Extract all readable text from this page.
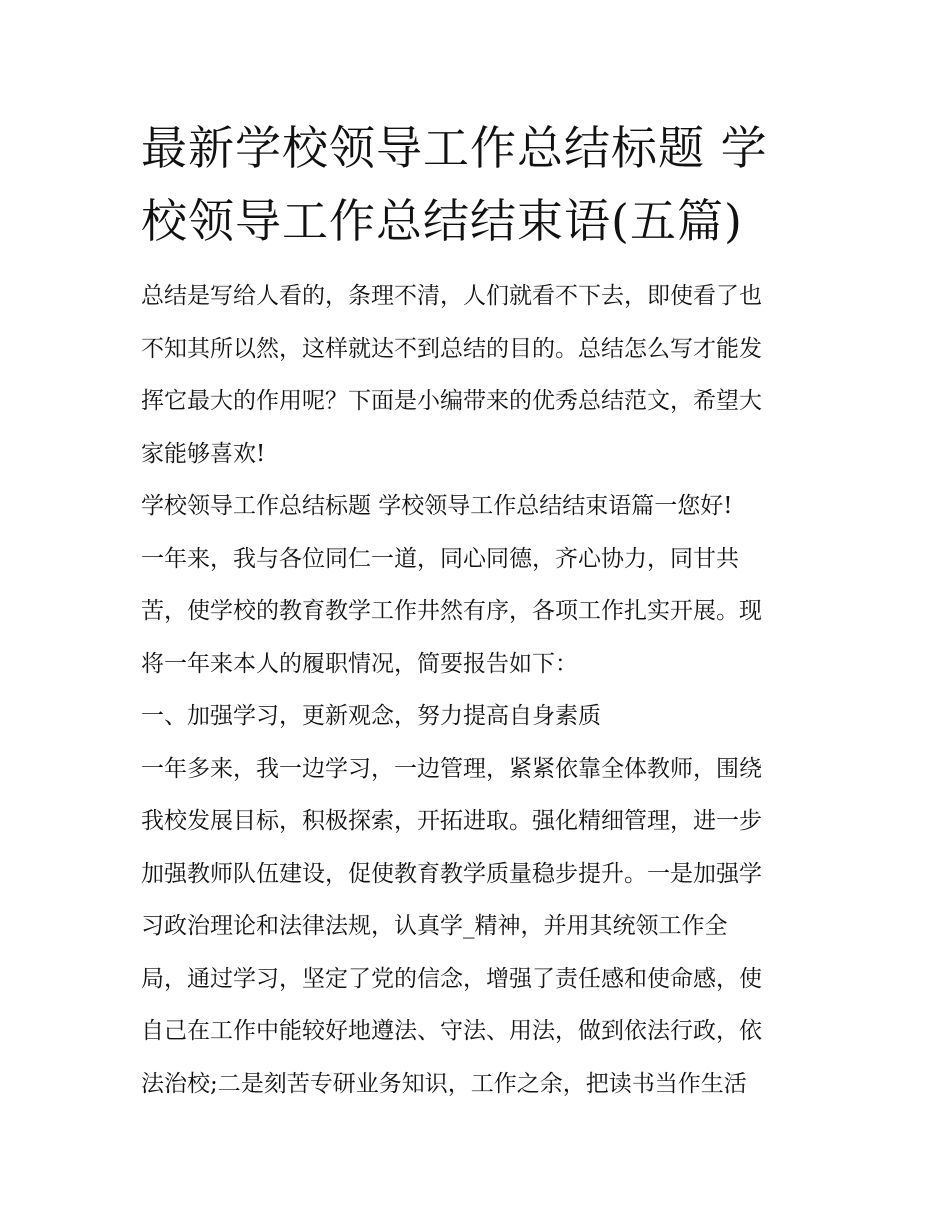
最新学校领导工作总结标题 学
校领导工作总结结束语(五篇)
总结是写给人看的，条理不清，人们就看不下去，即使看了也
不知其所以然，这样就达不到总结的目的。总结怎么写才能发
挥它最大的作用呢？下面是小编带来的优秀总结范文，希望大
家能够喜欢!
学校领导工作总结标题 学校领导工作总结结束语篇一您好!
一年来，我与各位同仁一道，同心同德，齐心协力，同甘共
苦，使学校的教育教学工作井然有序，各项工作扎实开展。现
将一年来本人的履职情况，简要报告如下：
一、加强学习，更新观念，努力提高自身素质
一年多来，我一边学习，一边管理，紧紧依靠全体教师，围绕
我校发展目标，积极探索，开拓进取。强化精细管理，进一步
加强教师队伍建设，促使教育教学质量稳步提升。一是加强学
习政治理论和法律法规，认真学_精神，并用其统领工作全
局，通过学习，坚定了党的信念，增强了责任感和使命感，使
自己在工作中能较好地遵法、守法、用法，做到依法行政，依
法治校;二是刻苦专研业务知识，工作之余，把读书当作生活
